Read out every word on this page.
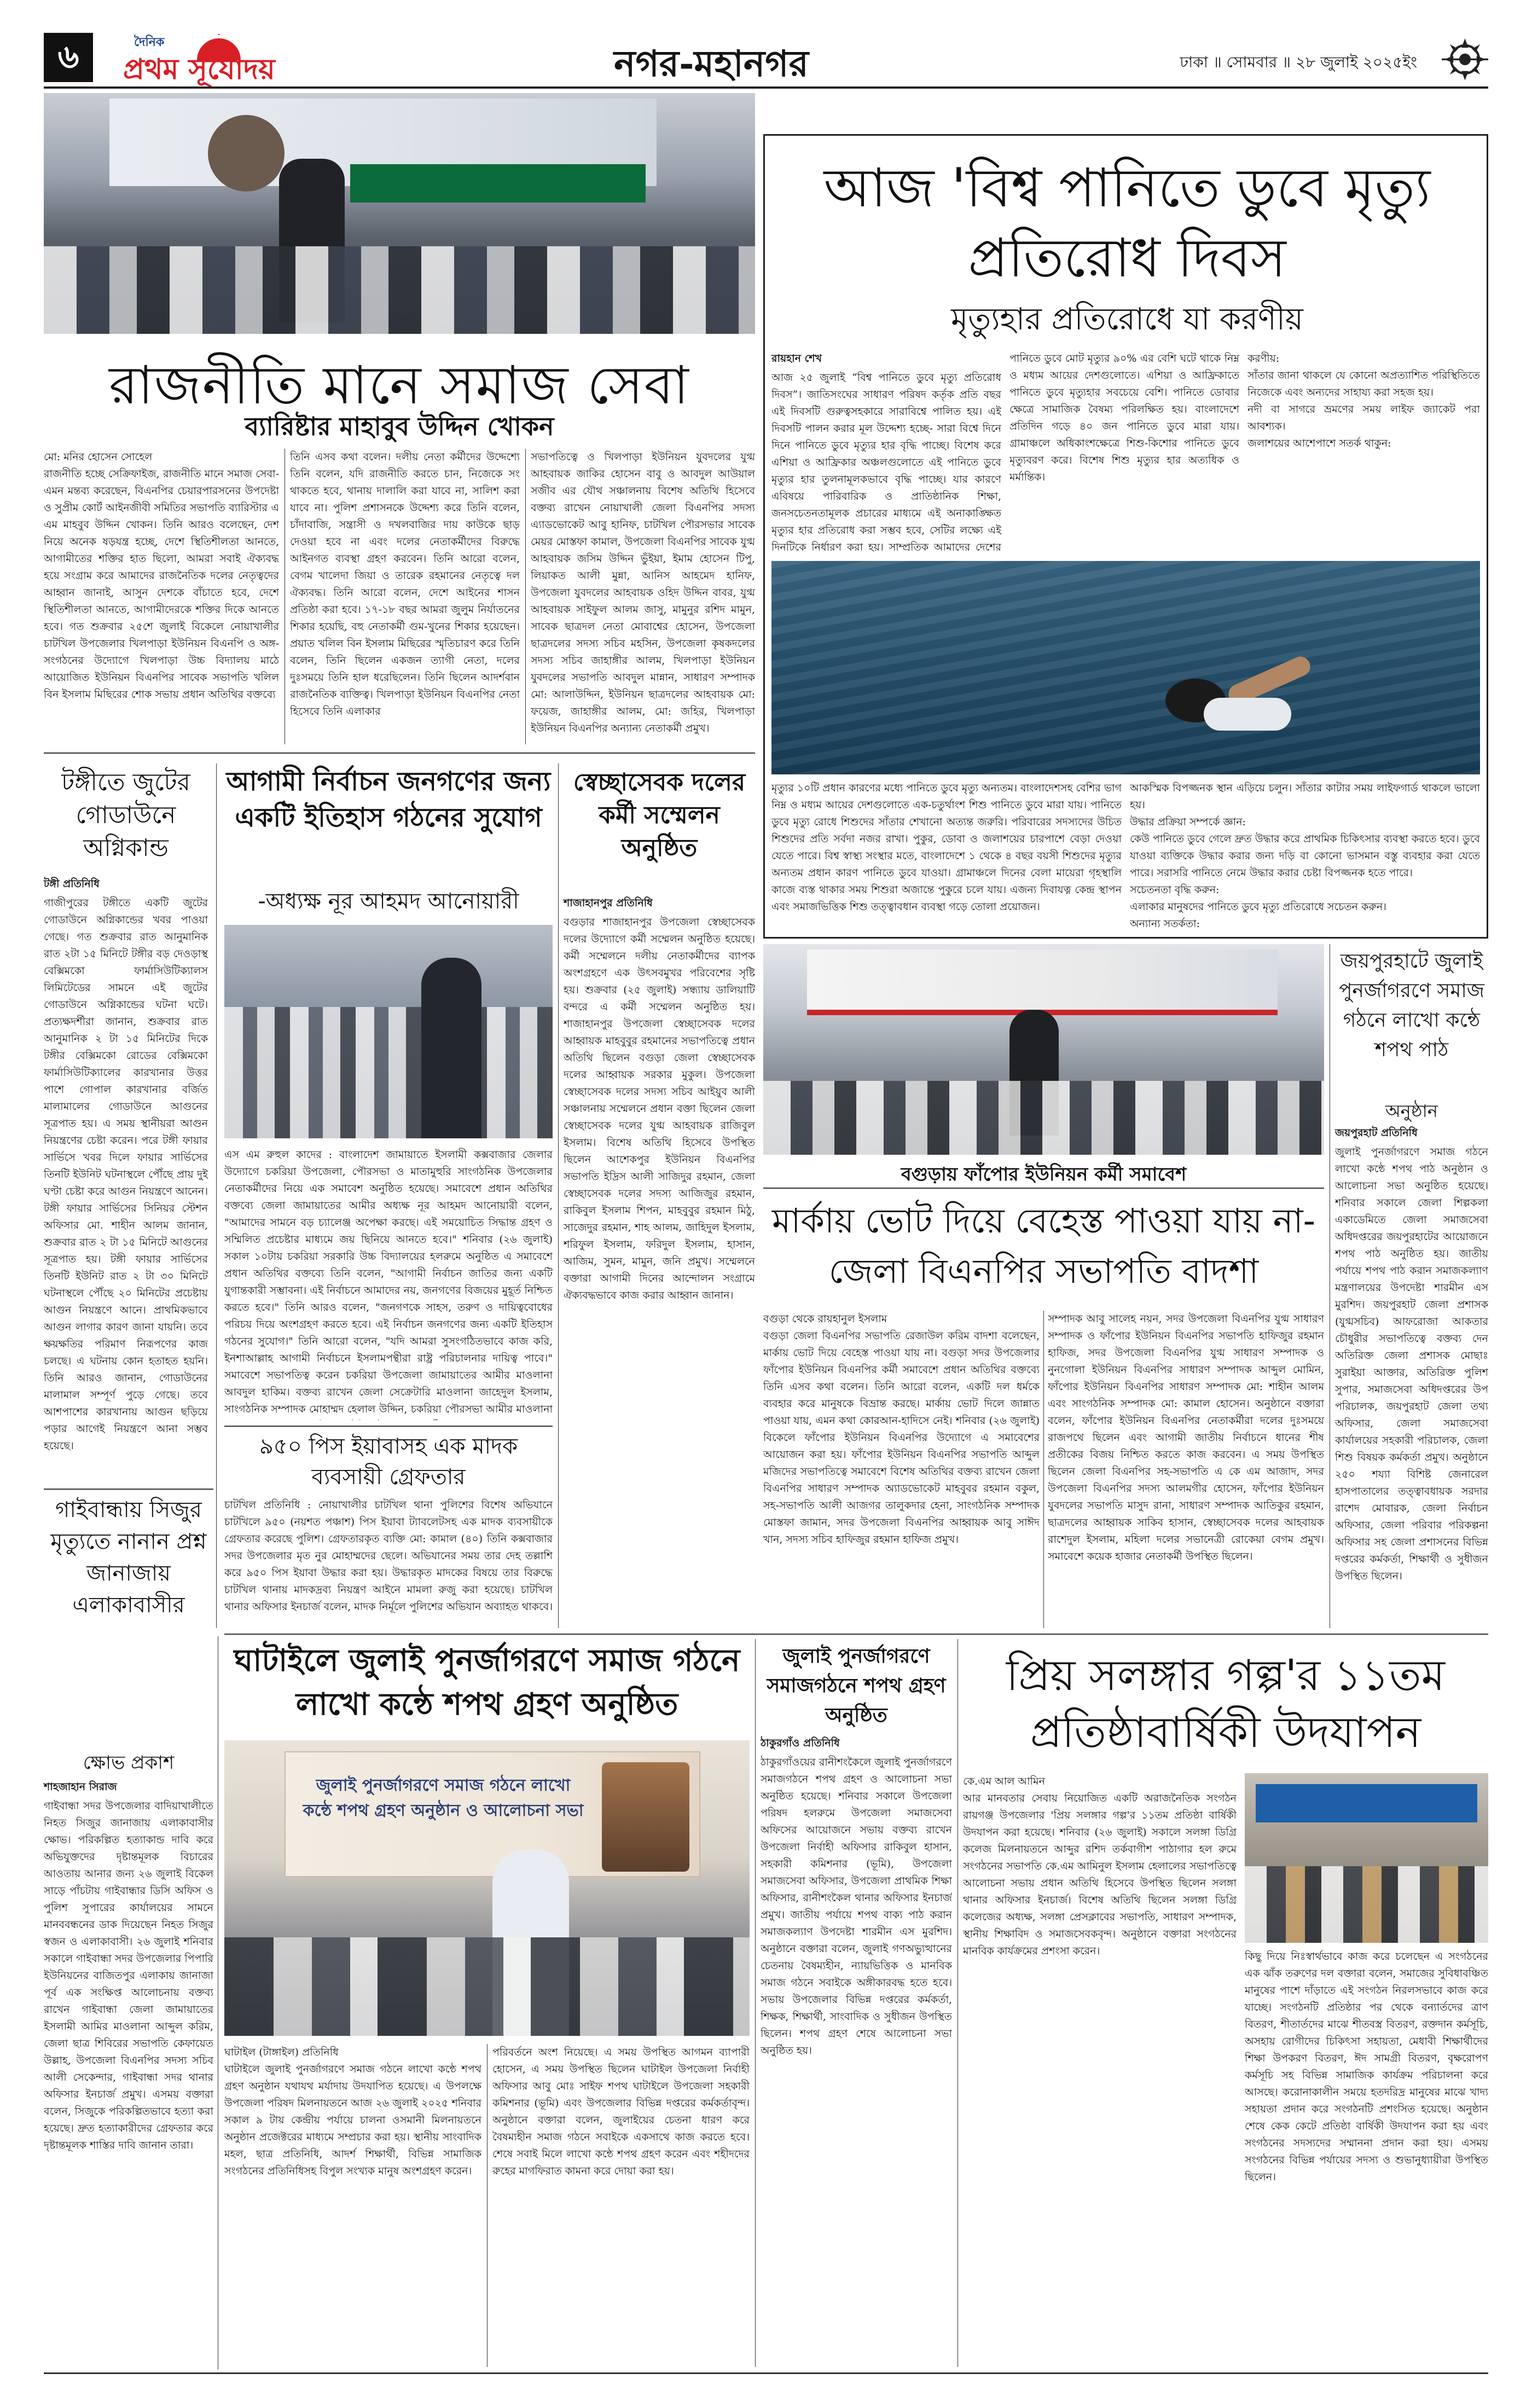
৬	দৈনিক
প্রথম সূর্যোদয়	নগর-মহানগর	ঢাকা ॥ সোমবার ॥ ২৮ জুলাই ২০২৫ইং
রাজনীতি মানে সমাজ সেবা
ব্যারিষ্টার মাহাবুব উদ্দিন খোকন
মো: মনির হোসেন সোহেল
রাজনীতি হচ্ছে সেক্রিফাইজ, রাজনীতি মানে সমাজ সেবা- এমন মন্তব্য করেছেন, বিএনপির চেয়ারপারসনের উপদেষ্টা ও সুপ্রীম কোর্ট আইনজীবী সমিতির সভাপতি ব্যারিস্টার এ এম মাহবুব উদ্দিন খোকন। তিনি আরও বলেছেন, দেশ নিয়ে অনেক ষড়যন্ত্র হচ্ছে, দেশে স্থিতিশীলতা আনতে, আগামীতের শক্তির হাত ছিলো, আমরা সবাই ঐক্যবদ্ধ হয়ে সংগ্রাম করে আমাদের রাজনৈতিক দলের নেতৃত্বদের আহ্বান জানাই, আসুন দেশকে বাঁচাতে হবে, দেশে স্থিতিশীলতা আনতে, আগামীদেরকে শক্তির দিকে আনতে হবে। গত শুক্রবার ২৫শে জুলাই বিকেলে নোয়াখালীর চাটখিল উপজেলার খিলপাড়া ইউনিয়ন বিএনপি ও অঙ্গ-সংগঠনের উদ্যোগে খিলপাড়া উচ্চ বিদ্যালয় মাঠে আয়োজিত ইউনিয়ন বিএনপির সাবেক সভাপতি খলিল বিন ইসলাম মিছিরের শোক সভায় প্রধান অতিথির বক্তব্যে
তিনি এসব কথা বলেন। দলীয় নেতা কর্মীদের উদ্দেশ্যে তিনি বলেন, যদি রাজনীতি করতে চান, নিজেকে সং থাকতে হবে, থানায় দালালি করা যাবে না, সালিশ করা যাবে না। পুলিশ প্রশাসনকে উদ্দেশ্য করে তিনি বলেন, চাঁদাবাজি, সন্ত্রাসী ও দখলবাজির দায় কাউকে ছাড় দেওয়া হবে না এবং দলের নেতাকর্মীদের বিরুদ্ধে আইনগত ব্যবস্থা গ্রহণ করবেন। তিনি আরো বলেন, বেগম খালেদা জিয়া ও তারেক রহমানের নেতৃত্বে দল ঐক্যবদ্ধ। তিনি আরো বলেন, দেশে আইনের শাসন প্রতিষ্ঠা করা হবে। ১৭-১৮ বছর আমরা জুলুম নির্যাতনের শিকার হয়েছি, বহু নেতাকর্মী গুম-খুনের শিকার হয়েছেন। প্রয়াত খলিল বিন ইসলাম মিছিরের স্মৃতিচারণ করে তিনি বলেন, তিনি ছিলেন একজন ত্যাগী নেতা, দলের দুঃসময়ে তিনি হাল ধরেছিলেন। তিনি ছিলেন আদর্শবান রাজনৈতিক ব্যক্তিত্ব। খিলপাড়া ইউনিয়ন বিএনপির নেতা হিসেবে তিনি এলাকার
সভাপতিত্বে ও খিলপাড়া ইউনিয়ন যুবদলের যুগ্ম আহবায়ক জাকির হোসেন বাবু ও আবদুল আউয়াল সজীব এর যৌথ সঞ্চালনায় বিশেষ অতিথি হিসেবে বক্তব্য রাখেন নোয়াখালী জেলা বিএনপির সদস্য এ্যাডভোকেট আবু হানিফ, চাটখিল পৌরসভার সাবেক মেয়র মোস্তফা কামাল, উপজেলা বিএনপির সাবেক যুগ্ম আহবায়ক জসিম উদ্দিন ভুঁইয়া, ইমাম হোসেন টিপু, লিয়াকত আলী মুন্না, আনিস আহমেদ হানিফ, উপজেলা যুবদলের আহবায়ক ওহিদ উদ্দিন বাবর, যুগ্ম আহবায়ক সাইফুল আলম জাসু, মামুনুর রশিদ মামুন, সাবেক ছাত্রদল নেতা মোবাশ্বের হোসেন, উপজেলা ছাত্রদলের সদস্য সচিব মহসিন, উপজেলা কৃষকদলের সদস্য সচিব জাহাঙ্গীর আলম, খিলপাড়া ইউনিয়ন যুবদলের সভাপতি আবদুল মান্নান, সাধারণ সম্পাদক মো: আলাউদ্দিন, ইউনিয়ন ছাত্রদলের আহবায়ক মো: ফয়েজ, জাহাঙ্গীর আলম, মো: জহির, খিলপাড়া ইউনিয়ন বিএনপির অন্যান্য নেতাকর্মী প্রমুখ।
টঙ্গীতে জুটের গোডাউনে অগ্নিকান্ড
টঙ্গী প্রতিনিধি
গাজীপুরের টঙ্গীতে একটি জুটের গোডাউনে অগ্নিকান্ডের খবর পাওয়া গেছে। গত শুক্রবার রাত আনুমানিক রাত ২টা ১৫ মিনিটে টঙ্গীর বড় দেওড়াস্থ বেক্সিমকো ফার্মাসিউটিক্যালস লিমিটেডের সামনে এই জুটের গোডাউনে অগ্নিকান্ডের ঘটনা ঘটে। প্রত্যক্ষদর্শীরা জানান, শুক্রবার রাত আনুমানিক ২ টা ১৫ মিনিটের দিকে টঙ্গীর বেক্সিমকো রোডের বেক্সিমকো ফার্মাসিউটিক্যালের কারখানার উত্তর পাশে গোপাল কারখানার বর্জিত মালামালের গোডাউনে আগুনের সূত্রপাত হয়। এ সময় স্থানীয়রা আগুন নিয়ন্ত্রণের চেষ্টা করেন। পরে টঙ্গী ফায়ার সার্ভিসে খবর দিলে ফায়ার সার্ভিসের তিনটি ইউনিট ঘটনাস্থলে পৌঁছে প্রায় দুই ঘণ্টা চেষ্টা করে আগুন নিয়ন্ত্রণে আনেন। টঙ্গী ফায়ার সার্ভিসের সিনিয়র স্টেশন অফিসার মো. শাহীন আলম জানান, শুক্রবার রাত ২ টা ১৫ মিনিটে আগুনের সূত্রপাত হয়। টঙ্গী ফায়ার সার্ভিসের তিনটি ইউনিট রাত ২ টা ৩০ মিনিটে ঘটনাস্থলে পৌঁছে ২০ মিনিটের প্রচেষ্টায় আগুন নিয়ন্ত্রণে আনে। প্রাথমিকভাবে আগুন লাগার কারণ জানা যায়নি। তবে ক্ষয়ক্ষতির পরিমাণ নিরূপণের কাজ চলছে। এ ঘটনায় কোন হতাহত হয়নি। তিনি আরও জানান, গোডাউনের মালামাল সম্পূর্ণ পুড়ে গেছে। তবে আশপাশের কারখানায় আগুন ছড়িয়ে পড়ার আগেই নিয়ন্ত্রণে আনা সম্ভব হয়েছে।
আগামী নির্বাচন জনগণের জন্য একটি ইতিহাস গঠনের সুযোগ
-অধ্যক্ষ নূর আহমদ আনোয়ারী
এস এম রুহুল কাদের : বাংলাদেশ জামায়াতে ইসলামী কক্সবাজার জেলার উদ্যোগে চকরিয়া উপজেলা, পৌরসভা ও মাতামুহুরি সাংগঠনিক উপজেলার নেতাকর্মীদের নিয়ে এক সমাবেশ অনুষ্ঠিত হয়েছে। সমাবেশে প্রধান অতিথির বক্তব্যে জেলা জামায়াতের আমীর অধ্যক্ষ নূর আহমদ আনোয়ারী বলেন, "আমাদের সামনে বড় চ্যালেঞ্জ অপেক্ষা করছে। এই সময়োচিত সিদ্ধান্ত গ্রহণ ও সম্মিলিত প্রচেষ্টার মাধ্যমে জয় ছিনিয়ে আনতে হবে।" শনিবার (২৬ জুলাই) সকাল ১০টায় চকরিয়া সরকারি উচ্চ বিদ্যালয়ের হলরুমে অনুষ্ঠিত এ সমাবেশে প্রধান অতিথির বক্তব্যে তিনি বলেন, "আগামী নির্বাচন জাতির জন্য একটি যুগান্তকারী সম্ভাবনা। এই নির্বাচনে আমাদের নয়, জনগণের বিজয়ের মুহূর্ত নিশ্চিত করতে হবে।" তিনি আরও বলেন, "জনগণকে সাহস, তরুণ ও দায়িত্ববোধের পরিচয় দিয়ে অংশগ্রহণ করতে হবে। এই নির্বাচন জনগণের জন্য একটি ইতিহাস গঠনের সুযোগ।" তিনি আরো বলেন, "যদি আমরা সুসংগঠিতভাবে কাজ করি, ইনশাআল্লাহ আগামী নির্বাচনে ইসলামপন্থীরা রাষ্ট্র পরিচালনার দায়িত্ব পাবে।" সমাবেশে সভাপতিত্ব করেন চকরিয়া উপজেলা জামায়াতের আমীর মাওলানা আবদুল হাকিম। বক্তব্য রাখেন জেলা সেক্রেটারি মাওলানা জাহেদুল ইসলাম, সাংগঠনিক সম্পাদক মোহাম্মদ হেলাল উদ্দিন, চকরিয়া পৌরসভা আমীর মাওলানা
৯৫০ পিস ইয়াবাসহ এক মাদক ব্যবসায়ী গ্রেফতার
চাটখিল প্রতিনিধি : নোয়াখালীর চাটখিল থানা পুলিশের বিশেষ অভিযানে চাটখিলে ৯৫০ (নয়শত পঞ্চাশ) পিস ইয়াবা ট্যাবলেটসহ এক মাদক ব্যবসায়ীকে গ্রেফতার করেছে পুলিশ। গ্রেফতারকৃত ব্যক্তি মো: কামাল (৪০) তিনি কক্সবাজার সদর উপজেলার মৃত নুর মোহাম্মদের ছেলে। অভিযানের সময় তার দেহ তল্লাশি করে ৯৫০ পিস ইয়াবা উদ্ধার করা হয়। উদ্ধারকৃত মাদকের বিষয়ে তার বিরুদ্ধে চাটখিল থানায় মাদকদ্রব্য নিয়ন্ত্রণ আইনে মামলা রুজু করা হয়েছে। চাটখিল থানার অফিসার ইনচার্জ বলেন, মাদক নির্মূলে পুলিশের অভিযান অব্যাহত থাকবে।
স্বেচ্ছাসেবক দলের কর্মী সম্মেলন অনুষ্ঠিত
শাজাহানপুর প্রতিনিধি
বগুড়ার শাজাহানপুর উপজেলা স্বেচ্ছাসেবক দলের উদ্যোগে কর্মী সম্মেলন অনুষ্ঠিত হয়েছে। কর্মী সম্মেলনে দলীয় নেতাকর্মীদের ব্যাপক অংশগ্রহণে এক উৎসবমুখর পরিবেশের সৃষ্টি হয়। শুক্রবার (২৫ জুলাই) সন্ধ্যায় ডালিয়াটি বন্দরে এ কর্মী সম্মেলন অনুষ্ঠিত হয়। শাজাহানপুর উপজেলা স্বেচ্ছাসেবক দলের আহ্বায়ক মাহবুবুর রহমানের সভাপতিত্বে প্রধান অতিথি ছিলেন বগুড়া জেলা স্বেচ্ছাসেবক দলের আহ্বায়ক সরকার মুকুল। উপজেলা স্বেচ্ছাসেবক দলের সদস্য সচিব আইয়ুব আলী সঞ্চালনায় সম্মেলনে প্রধান বক্তা ছিলেন জেলা স্বেচ্ছাসেবক দলের যুগ্ম আহবায়ক রাজিবুল ইসলাম। বিশেষ অতিথি হিসেবে উপস্থিত ছিলেন আশেকপুর ইউনিয়ন বিএনপির সভাপতি ইদ্রিস আলী সাজিদুর রহমান, জেলা স্বেচ্ছাসেবক দলের সদস্য আজিজুর রহমান, রাকিবুল ইসলাম শিপন, মাহবুবুর রহমান মিঠু, সাজেদুর রহমান, শাহ আলম, জাহিদুল ইসলাম, শরিফুল ইসলাম, ফরিদুল ইসলাম, হাসান, আজিম, সুমন, মামুন, জনি প্রমুখ। সম্মেলনে বক্তারা আগামী দিনের আন্দোলন সংগ্রামে ঐক্যবদ্ধভাবে কাজ করার আহ্বান জানান।
গাইবান্ধায় সিজুর মৃত্যুতে নানান প্রশ্ন জানাজায় এলাকাবাসীর
ক্ষোভ প্রকাশ
শাহজাহান সিরাজ
গাইবান্ধা সদর উপজেলার বাদিয়াখালীতে নিহত সিজুর জানাজায় এলাকাবাসীর ক্ষোভ। পরিকল্পিত হত্যাকান্ড দাবি করে অভিযুক্তদের দৃষ্টান্তমূলক বিচারের আওতায় আনার জন্য ২৬ জুলাই বিকেল সাড়ে পাঁচটায় গাইবান্ধার ডিসি অফিস ও পুলিশ সুপারের কার্যালয়ের সামনে মানববন্ধনের ডাক দিয়েছেন নিহত সিজুর স্বজন ও এলাকাবাসী। ২৬ জুলাই শনিবার সকালে গাইবান্ধা সদর উপজেলার পিপারি ইউনিয়নের বাজিতপুর এলাকায় জানাজা পূর্ব এক সংক্ষিপ্ত আলোচনায় বক্তব্য রাখেন গাইবান্ধা জেলা জামায়াতের ইসলামী আমির মাওলানা আব্দুল করিম, জেলা ছাত্র শিবিরের সভাপতি কেফায়েত উল্লাহ, উপজেলা বিএনপির সদস্য সচিব আলী সেকেন্দার, গাইবান্ধা সদর থানার অফিসার ইনচার্জ প্রমুখ। এসময় বক্তারা বলেন, সিজুকে পরিকল্পিতভাবে হত্যা করা হয়েছে। দ্রুত হত্যাকারীদের গ্রেফতার করে দৃষ্টান্তমূলক শাস্তির দাবি জানান তারা।
আজ 'বিশ্ব পানিতে ডুবে মৃত্যু প্রতিরোধ দিবস
মৃত্যুহার প্রতিরোধে যা করণীয়
রায়হান শেখ
আজ ২৫ জুলাই “বিশ্ব পানিতে ডুবে মৃত্যু প্রতিরোধ দিবস”। জাতিসংঘের সাধারণ পরিষদ কর্তৃক প্রতি বছর এই দিবসটি গুরুত্বসহকারে সারাবিশ্বে পালিত হয়। এই দিবসটি পালন করার মূল উদ্দেশ্য হচ্ছে- সারা বিশ্বে দিনে দিনে পানিতে ডুবে মৃত্যুর হার বৃদ্ধি পাচ্ছে। বিশেষ করে এশিয়া ও আফ্রিকার অঞ্চলগুলোতে এই পানিতে ডুবে মৃত্যুর হার তুলনামূলকভাবে বৃদ্ধি পাচ্ছে। যার কারণে এবিষয়ে পারিবারিক ও প্রাতিষ্ঠানিক শিক্ষা, জনসচেতনতামূলক প্রচারের মাধ্যমে এই অনাকাঙ্ক্ষিত মৃত্যুর হার প্রতিরোধ করা সম্ভব হবে, সেটির লক্ষ্যে এই দিনটিকে নির্ধারণ করা হয়। সাম্প্রতিক আমাদের দেশের
পানিতে ডুবে মোট মৃত্যুর ৯০% এর বেশি ঘটে থাকে নিম্ন ও মধ্যম আয়ের দেশগুলোতে। এশিয়া ও আফ্রিকাতে পানিতে ডুবে মৃত্যুহার সবচেয়ে বেশি। পানিতে ডোবার ক্ষেত্রে সামাজিক বৈষম্য পরিলক্ষিত হয়। বাংলাদেশে প্রতিদিন গড়ে ৪০ জন পানিতে ডুবে মারা যায়। গ্রামাঞ্চলে অধিকাংশক্ষেত্রে শিশু-কিশোর পানিতে ডুবে মৃত্যুবরণ করে। বিশেষ শিশু মৃত্যুর হার অত্যধিক ও মর্মান্তিক।
করণীয়:
সাঁতার জানা থাকলে যে কোনো অপ্রত্যাশিত পরিস্থিতিতে নিজেকে এবং অন্যদের সাহায্য করা সহজ হয়।
নদী বা সাগরে ভ্রমণের সময় লাইফ জ্যাকেট পরা আবশ্যক।
জলাশয়ের আশেপাশে সতর্ক থাকুন:
মৃত্যুর ১০টি প্রধান কারণের মধ্যে পানিতে ডুবে মৃত্যু অন্যতম। বাংলাদেশসহ বেশির ভাগ নিম্ন ও মধ্যম আয়ের দেশগুলোতে এক-চতুর্থাংশ শিশু পানিতে ডুবে মারা যায়। পানিতে ডুবে মৃত্যু রোধে শিশুদের সাঁতার শেখানো অত্যন্ত জরুরি। পরিবারের সদস্যদের উচিত শিশুদের প্রতি সর্বদা নজর রাখা। পুকুর, ডোবা ও জলাশয়ের চারপাশে বেড়া দেওয়া যেতে পারে। বিশ্ব স্বাস্থ্য সংস্থার মতে, বাংলাদেশে ১ থেকে ৪ বছর বয়সী শিশুদের মৃত্যুর অন্যতম প্রধান কারণ পানিতে ডুবে যাওয়া। গ্রামাঞ্চলে দিনের বেলা মায়েরা গৃহস্থালি কাজে ব্যস্ত থাকার সময় শিশুরা অজান্তে পুকুরে চলে যায়। এজন্য দিবাযত্ন কেন্দ্র স্থাপন এবং সমাজভিত্তিক শিশু তত্ত্বাবধান ব্যবস্থা গড়ে তোলা প্রয়োজন।
আকস্মিক বিপজ্জনক স্থান এড়িয়ে চলুন। সাঁতার কাটার সময় লাইফগার্ড থাকলে ভালো হয়।
উদ্ধার প্রক্রিয়া সম্পর্কে জ্ঞান:
কেউ পানিতে ডুবে গেলে দ্রুত উদ্ধার করে প্রাথমিক চিকিৎসার ব্যবস্থা করতে হবে। ডুবে যাওয়া ব্যক্তিকে উদ্ধার করার জন্য দড়ি বা কোনো ভাসমান বস্তু ব্যবহার করা যেতে পারে। সরাসরি পানিতে নেমে উদ্ধার করার চেষ্টা বিপজ্জনক হতে পারে।
সচেতনতা বৃদ্ধি করুন:
এলাকার মানুষদের পানিতে ডুবে মৃত্যু প্রতিরোধে সচেতন করুন।
অন্যান্য সতর্কতা:

বগুড়ায় ফাঁপোর ইউনিয়ন কর্মী সমাবেশ
মার্কায় ভোট দিয়ে বেহেস্ত পাওয়া যায় না- জেলা বিএনপির সভাপতি বাদশা
বগুড়া থেকে রায়হানুল ইসলাম
বগুড়া জেলা বিএনপির সভাপতি রেজাউল করিম বাদশা বলেছেন, মার্কায় ভোট দিয়ে বেহেস্ত পাওয়া যায় না। বগুড়া সদর উপজেলার ফাঁপোর ইউনিয়ন বিএনপির কর্মী সমাবেশে প্রধান অতিথির বক্তব্যে তিনি এসব কথা বলেন। তিনি আরো বলেন, একটি দল ধর্মকে ব্যবহার করে মানুষকে বিভ্রান্ত করছে। মার্কায় ভোট দিলে জান্নাত পাওয়া যায়, এমন কথা কোরআন-হাদিসে নেই। শনিবার (২৬ জুলাই) বিকেলে ফাঁপোর ইউনিয়ন বিএনপির উদ্যোগে এ সমাবেশের আয়োজন করা হয়। ফাঁপোর ইউনিয়ন বিএনপির সভাপতি আব্দুল মজিদের সভাপতিত্বে সমাবেশে বিশেষ অতিথির বক্তব্য রাখেন জেলা বিএনপির সাধারণ সম্পাদক অ্যাডভোকেট মাহবুবর রহমান বকুল, সহ-সভাপতি আলী আজগর তালুকদার হেনা, সাংগঠনিক সম্পাদক মোস্তফা জামান, সদর উপজেলা বিএনপির আহ্বায়ক আবু সাঈদ খান, সদস্য সচিব হাফিজুর রহমান হাফিজ প্রমুখ।
সম্পাদক আবু সালেহ নয়ন, সদর উপজেলা বিএনপির যুগ্ম সাধারণ সম্পাদক ও ফাঁপোর ইউনিয়ন বিএনপির সভাপতি হাফিজুর রহমান হাফিজ, সদর উপজেলা বিএনপির যুগ্ম সাধারণ সম্পাদক ও নুনগোলা ইউনিয়ন বিএনপির সাধারণ সম্পাদক আব্দুল মোমিন, ফাঁপোর ইউনিয়ন বিএনপির সাধারণ সম্পাদক মো: শাহীন আলম এবং সাংগঠনিক সম্পাদক মো: কামাল হোসেন। অনুষ্ঠানে বক্তারা বলেন, ফাঁপোর ইউনিয়ন বিএনপির নেতাকর্মীরা দলের দুঃসময়ে রাজপথে ছিলেন এবং আগামী জাতীয় নির্বাচনে ধানের শীষ প্রতীকের বিজয় নিশ্চিত করতে কাজ করবেন। এ সময় উপস্থিত ছিলেন জেলা বিএনপির সহ-সভাপতি এ কে এম আজাদ, সদর উপজেলা বিএনপির সদস্য আলমগীর হোসেন, ফাঁপোর ইউনিয়ন যুবদলের সভাপতি মাসুদ রানা, সাধারণ সম্পাদক আতিকুর রহমান, ছাত্রদলের আহ্বায়ক সাকিব হাসান, স্বেচ্ছাসেবক দলের আহবায়ক রাশেদুল ইসলাম, মহিলা দলের সভানেত্রী রোকেয়া বেগম প্রমুখ। সমাবেশে কয়েক হাজার নেতাকর্মী উপস্থিত ছিলেন।
জয়পুরহাটে জুলাই পুনর্জাগরণে সমাজ গঠনে লাখো কন্ঠে শপথ পাঠ
অনুষ্ঠান
জয়পুরহাট প্রতিনিধি
জুলাই পুনর্জাগরণে সমাজ গঠনে লাখো কন্ঠে শপথ পাঠ অনুষ্ঠান ও আলোচনা সভা অনুষ্ঠিত হয়েছে। শনিবার সকালে জেলা শিল্পকলা একাডেমিতে জেলা সমাজসেবা অধিদপ্তরের জয়পুরহাটের আয়োজনে শপথ পাঠ অনুষ্ঠিত হয়। জাতীয় পর্যায়ে শপথ পাঠ করান সমাজকল্যাণ মন্ত্রণালয়ের উপদেষ্টা শারমীন এস মুরশিদ। জয়পুরহাট জেলা প্রশাসক (যুগ্মসচিব) আফরোজা আকতার চৌধুরীর সভাপতিত্বে বক্তব্য দেন অতিরিক্ত জেলা প্রশাসক মোছাঃ সুরাইয়া আক্তার, অতিরিক্ত পুলিশ সুপার, সমাজসেবা অধিদপ্তরের উপ পরিচালক, জয়পুরহাট জেলা তথ্য অফিসার, জেলা সমাজসেবা কার্যালয়ের সহকারী পরিচালক, জেলা শিশু বিষয়ক কর্মকর্তা প্রমুখ। অনুষ্ঠানে ২৫০ শয্যা বিশিষ্ট জেনারেল হাসপাতালের তত্ত্বাবধায়ক সরদার রাশেদ মোবারক, জেলা নির্বাচন অফিসার, জেলা পরিবার পরিকল্পনা অফিসার সহ জেলা প্রশাসনের বিভিন্ন দপ্তরের কর্মকর্তা, শিক্ষার্থী ও সুধীজন উপস্থিত ছিলেন।
ঘাটাইলে জুলাই পুনর্জাগরণে সমাজ গঠনে লাখো কন্ঠে শপথ গ্রহণ অনুষ্ঠিত
জুলাই পুনর্জাগরণে সমাজ গঠনে লাখো কন্ঠে শপথ গ্রহণ অনুষ্ঠান ও আলোচনা সভা
ঘাটাইল (টাঙ্গাইল) প্রতিনিধি
ঘাটাইলে জুলাই পুনর্জাগরণে সমাজ গঠনে লাখো কন্ঠে শপথ গ্রহণ অনুষ্ঠান যথাযথ মর্যাদায় উদযাপিত হয়েছে। এ উপলক্ষে উপজেলা পরিষদ মিলনায়তনে আজ ২৬ জুলাই ২০২৫ শনিবার সকাল ৯ টায় কেন্দ্রীয় পর্যায়ে চালনা ওসমানী মিলনায়তনে অনুষ্ঠান প্রজেক্টরের মাধ্যমে সম্প্রচার করা হয়। স্থানীয় সাংবাদিক মহল, ছাত্র প্রতিনিধি, আদর্শ শিক্ষার্থী, বিভিন্ন সামাজিক সংগঠনের প্রতিনিধিসহ বিপুল সংখ্যক মানুষ অংশগ্রহণ করেন।
পরিবর্তনে অংশ নিয়েছে। এ সময় উপস্থিত আগমন ব্যাপারী হোসেন, এ সময় উপস্থিত ছিলেন ঘাটাইল উপজেলা নির্বাহী অফিসার আবু মোঃ সাইফ শপথ ঘাটাইলে উপজেলা সহকারী কমিশনার (ভূমি) এবং উপজেলার বিভিন্ন দপ্তরের কর্মকর্তাবৃন্দ। অনুষ্ঠানে বক্তারা বলেন, জুলাইয়ের চেতনা ধারণ করে বৈষম্যহীন সমাজ গঠনে সবাইকে একসাথে কাজ করতে হবে। শেষে সবাই মিলে লাখো কন্ঠে শপথ গ্রহণ করেন এবং শহীদদের রুহের মাগফিরাত কামনা করে দোয়া করা হয়।
জুলাই পুনর্জাগরণে সমাজগঠনে শপথ গ্রহণ অনুষ্ঠিত
ঠাকুরগাঁও প্রতিনিধি
ঠাকুরগাঁওয়ের রানীশংকৈলে জুলাই পুনর্জাগরণে সমাজগঠনে শপথ গ্রহণ ও আলোচনা সভা অনুষ্ঠিত হয়েছে। শনিবার সকালে উপজেলা পরিষদ হলরুমে উপজেলা সমাজসেবা অফিসের আয়োজনে সভায় বক্তব্য রাখেন উপজেলা নির্বাহী অফিসার রাকিবুল হাসান, সহকারী কমিশনার (ভূমি), উপজেলা সমাজসেবা অফিসার, উপজেলা প্রাথমিক শিক্ষা অফিসার, রানীশংকৈল থানার অফিসার ইনচার্জ প্রমুখ। জাতীয় পর্যায়ে শপথ বাক্য পাঠ করান সমাজকল্যাণ উপদেষ্টা শারমীন এস মুরশিদ। অনুষ্ঠানে বক্তারা বলেন, জুলাই গণঅভ্যুত্থানের চেতনায় বৈষম্যহীন, ন্যায়ভিত্তিক ও মানবিক সমাজ গঠনে সবাইকে অঙ্গীকারবদ্ধ হতে হবে। সভায় উপজেলার বিভিন্ন দপ্তরের কর্মকর্তা, শিক্ষক, শিক্ষার্থী, সাংবাদিক ও সুধীজন উপস্থিত ছিলেন। শপথ গ্রহণ শেষে আলোচনা সভা অনুষ্ঠিত হয়।
প্রিয় সলঙ্গার গল্প'র ১১তম প্রতিষ্ঠাবার্ষিকী উদযাপন
কে.এম আল আমিন
আর মানবতার সেবায় নিয়োজিত একটি অরাজনৈতিক সংগঠন রায়গঞ্জ উপজেলার 'প্রিয় সলঙ্গার গল্প'র ১১তম প্রতিষ্ঠা বার্ষিকী উদযাপন করা হয়েছে। শনিবার (২৬ জুলাই) সকালে সলঙ্গা ডিগ্রি কলেজ মিলনায়তনে আব্দুর রশিদ তর্কবাগীশ পাঠাগার হল রুমে সংগঠনের সভাপতি কে.এম আমিনুল ইসলাম হেলালের সভাপতিত্বে আলোচনা সভায় প্রধান অতিথি হিসেবে উপস্থিত ছিলেন সলঙ্গা থানার অফিসার ইনচার্জ। বিশেষ অতিথি ছিলেন সলঙ্গা ডিগ্রি কলেজের অধ্যক্ষ, সলঙ্গা প্রেসক্লাবের সভাপতি, সাধারণ সম্পাদক, স্থানীয় শিক্ষাবিদ ও সমাজসেবকবৃন্দ। অনুষ্ঠানে বক্তারা সংগঠনের মানবিক কার্যক্রমের প্রশংসা করেন।	কিছু দিয়ে নিঃস্বার্থভাবে কাজ করে চলেছেন এ সংগঠনের এক ঝাঁক তরুণের দল বক্তারা বলেন, সমাজের সুবিধাবঞ্চিত মানুষের পাশে দাঁড়াতে এই সংগঠন নিরলসভাবে কাজ করে যাচ্ছে। সংগঠনটি প্রতিষ্ঠার পর থেকে বন্যার্তদের ত্রাণ বিতরণ, শীতার্তদের মাঝে শীতবস্ত্র বিতরণ, রক্তদান কর্মসূচি, অসহায় রোগীদের চিকিৎসা সহায়তা, মেধাবী শিক্ষার্থীদের শিক্ষা উপকরণ বিতরণ, ঈদ সামগ্রী বিতরণ, বৃক্ষরোপণ কর্মসূচি সহ বিভিন্ন সামাজিক কার্যক্রম পরিচালনা করে আসছে। করোনাকালীন সময়ে হতদরিদ্র মানুষের মাঝে খাদ্য সহায়তা প্রদান করে সংগঠনটি প্রশংসিত হয়েছে। অনুষ্ঠান শেষে কেক কেটে প্রতিষ্ঠা বার্ষিকী উদযাপন করা হয় এবং সংগঠনের সদস্যদের সম্মাননা প্রদান করা হয়। এসময় সংগঠনের বিভিন্ন পর্যায়ের সদস্য ও শুভানুধ্যায়ীরা উপস্থিত ছিলেন।
